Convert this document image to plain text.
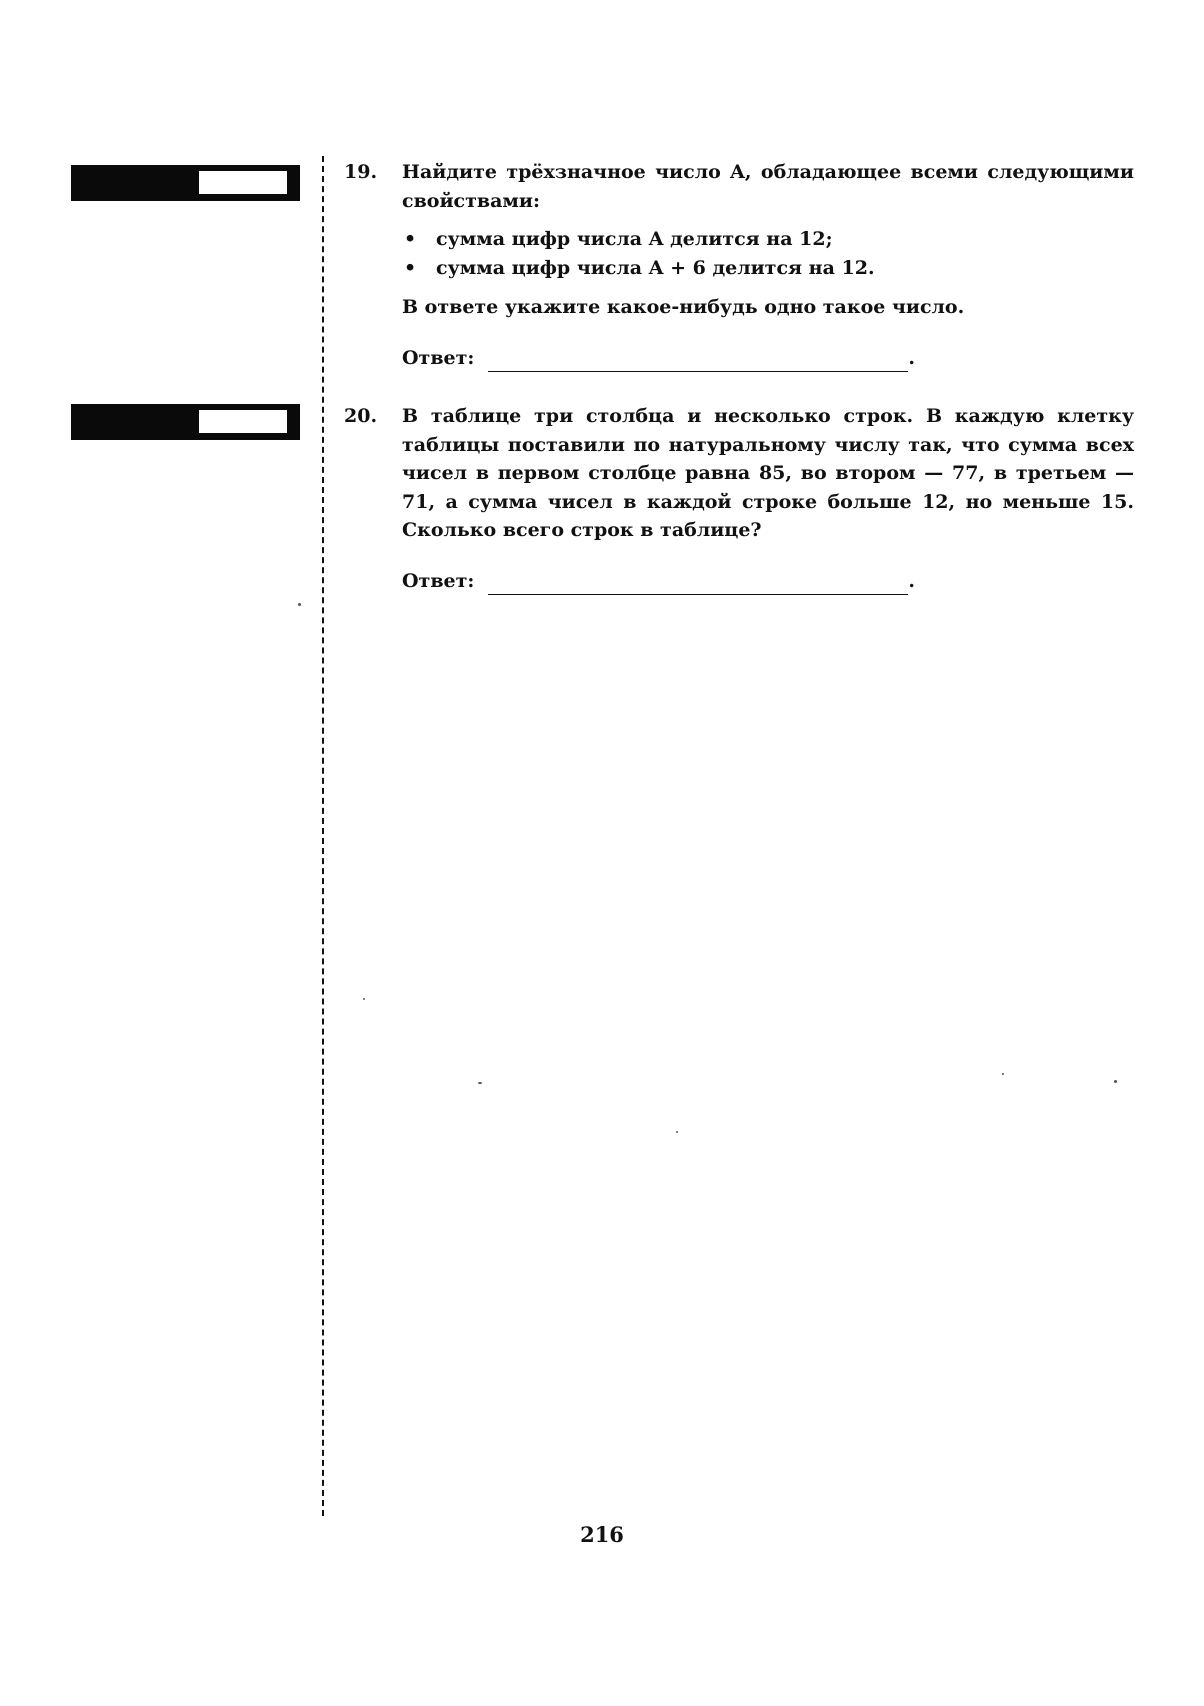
19.	Найдите трёхзначное число A, обладающее всеми следующими свойствами:

• сумма цифр числа A делится на 12;
• сумма цифр числа A + 6 делится на 12.

В ответе укажите какое-нибудь одно такое число.

Ответ:	.
20.	В таблице три столбца и несколько строк. В каждую клетку таблицы поставили по натуральному числу так, что сумма всех чисел в первом столбце равна 85, во втором — 77, в третьем — 71, а сумма чисел в каждой строке больше 12, но меньше 15. Сколько всего строк в таблице?

Ответ:	.
216
